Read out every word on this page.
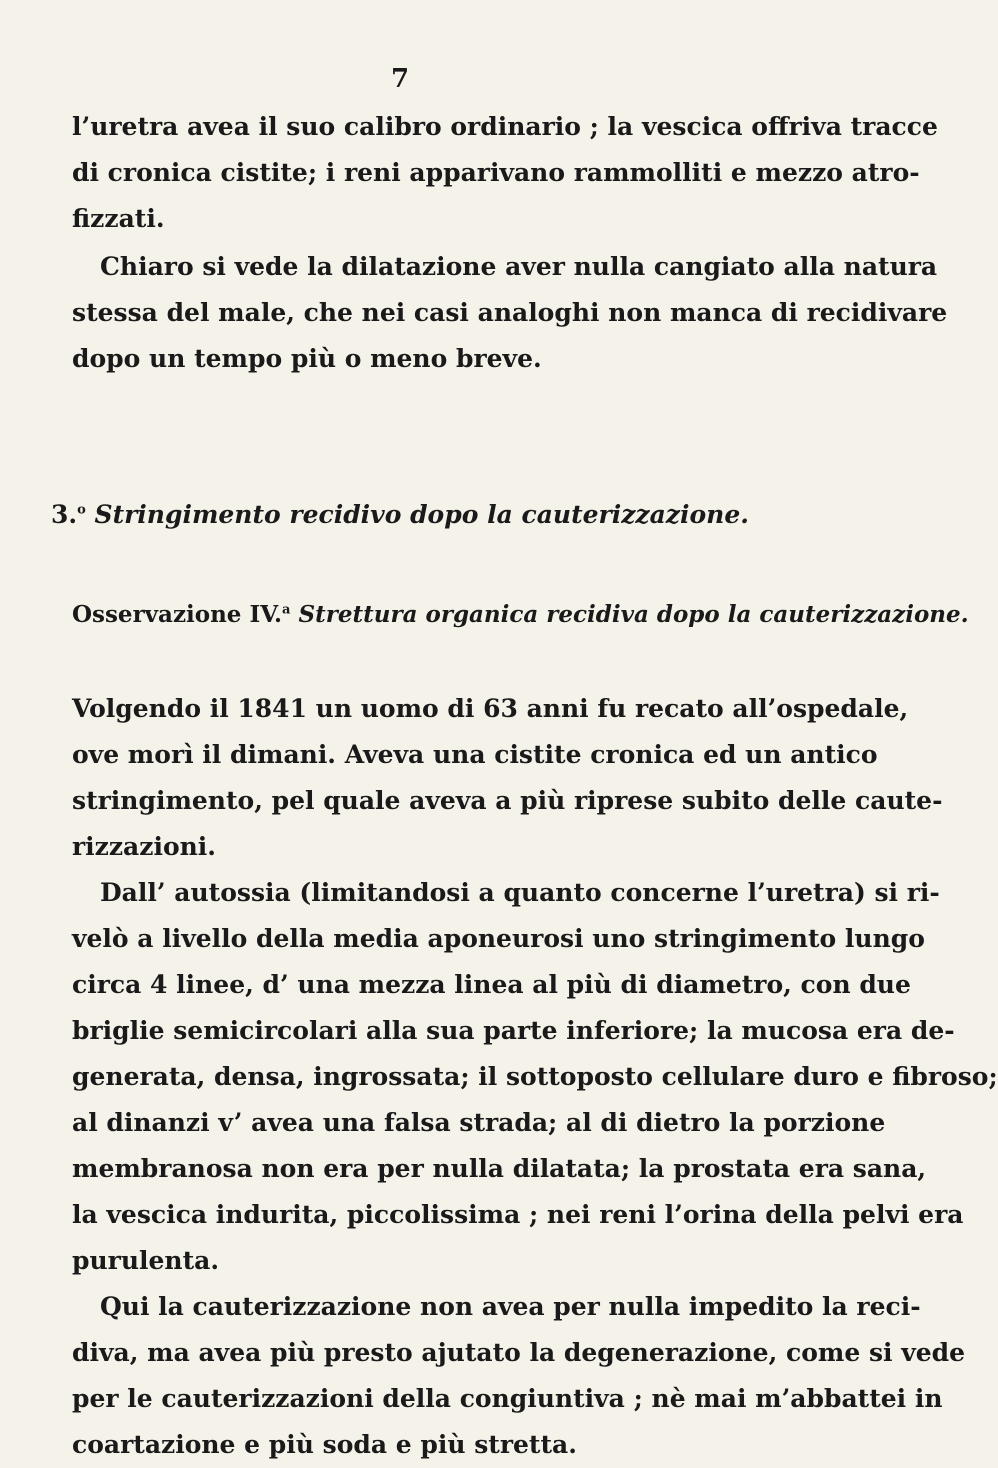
7
l’uretra avea il suo calibro ordinario ; la vescica offriva tracce
di cronica cistite; i reni apparivano rammolliti e mezzo atro-
fizzati.
Chiaro si vede la dilatazione aver nulla cangiato alla natura
stessa del male, che nei casi analoghi non manca di recidivare
dopo un tempo più o meno breve.
3.$^o$ Stringimento recidivo dopo la cauterizzazione.
Osservazione IV.$^a$ Strettura organica recidiva dopo la cauterizzazione.
Volgendo il 1841 un uomo di 63 anni fu recato all’ospedale,
ove morì il dimani. Aveva una cistite cronica ed un antico
stringimento, pel quale aveva a più riprese subito delle caute-
rizzazioni.
Dall’ autossia (limitandosi a quanto concerne l’uretra) si ri-
velò a livello della media aponeurosi uno stringimento lungo
circa 4 linee, d’ una mezza linea al più di diametro, con due
briglie semicircolari alla sua parte inferiore; la mucosa era de-
generata, densa, ingrossata; il sottoposto cellulare duro e fibroso;
al dinanzi v’ avea una falsa strada; al di dietro la porzione
membranosa non era per nulla dilatata; la prostata era sana,
la vescica indurita, piccolissima ; nei reni l’orina della pelvi era
purulenta.
Qui la cauterizzazione non avea per nulla impedito la reci-
diva, ma avea più presto ajutato la degenerazione, come si vede
per le cauterizzazioni della congiuntiva ; nè mai m’abbattei in
coartazione e più soda e più stretta.
